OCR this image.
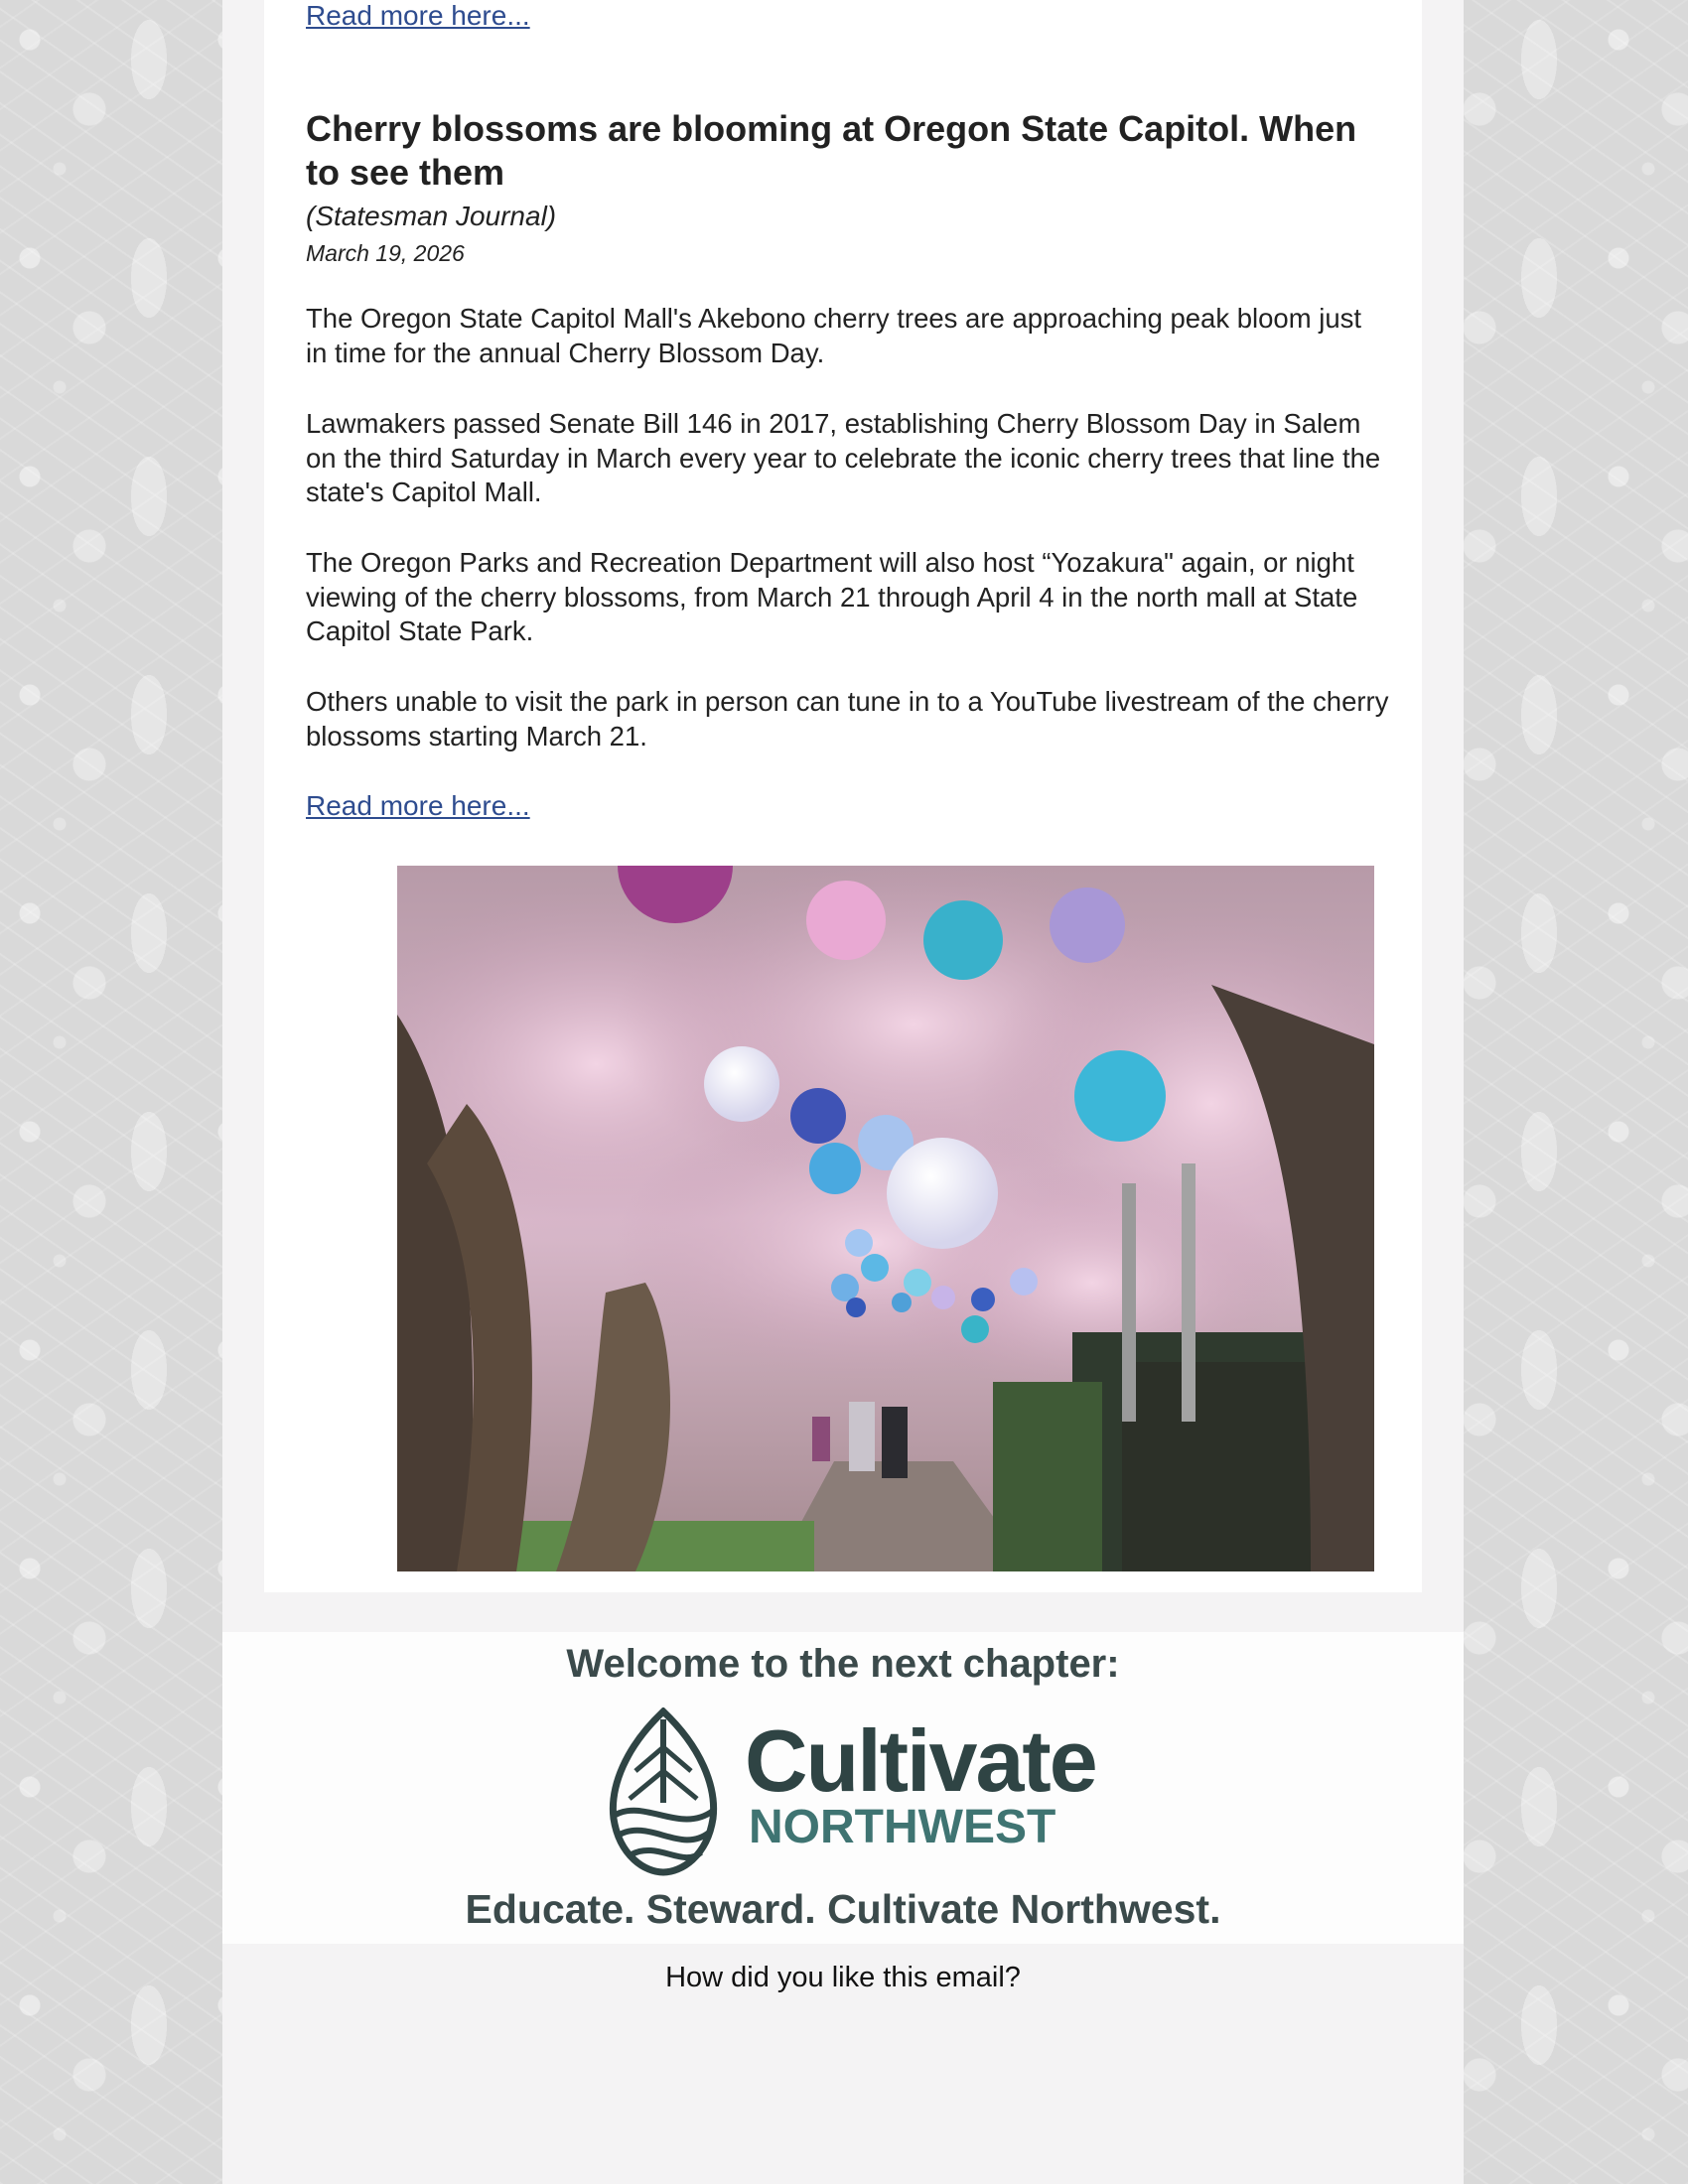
Read more here...
Cherry blossoms are blooming at Oregon State Capitol. When to see them
(Statesman Journal)
March 19, 2026

The Oregon State Capitol Mall's Akebono cherry trees are approaching peak bloom just in time for the annual Cherry Blossom Day.

Lawmakers passed Senate Bill 146 in 2017, establishing Cherry Blossom Day in Salem on the third Saturday in March every year to celebrate the iconic cherry trees that line the state's Capitol Mall.

The Oregon Parks and Recreation Department will also host “Yozakura" again, or night viewing of the cherry blossoms, from March 21 through April 4 in the north mall at State Capitol State Park.

Others unable to visit the park in person can tune in to a YouTube livestream of the cherry blossoms starting March 21.

Read more here...
Welcome to the next chapter:
Cultivate
NORTHWEST
Educate. Steward. Cultivate Northwest.
How did you like this email?
